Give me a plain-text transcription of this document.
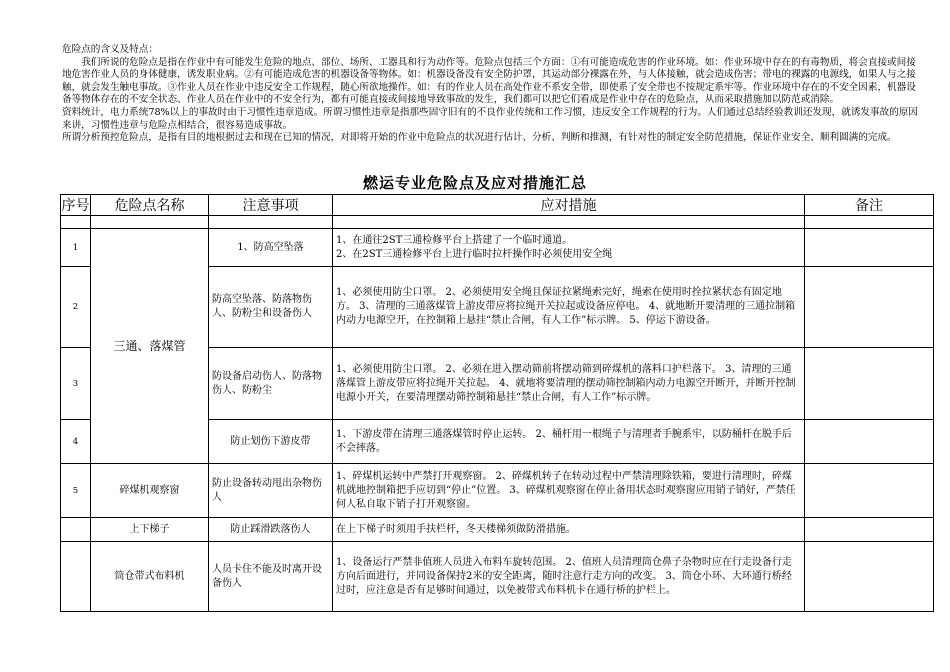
危险点的含义及特点：

我们所说的危险点是指在作业中有可能发生危险的地点、部位、场所、工器具和行为动作等。危险点包括三个方面：①有可能造成危害的作业环境。如：作业环境中存在的有毒物质，将会直接或间接地危害作业人员的身体健康，诱发职业病。②有可能造成危害的机器设备等物体。如：机器设备没有安全防护罩，其运动部分裸露在外，与人体接触，就会造成伤害；带电的裸露的电源线，如果人与之接触，就会发生触电事故。③作业人员在作业中违反安全工作规程，随心所欲地操作。如：有的作业人员在高处作业不系安全带，即使系了安全带也不按规定系牢等。作业环境中存在的不安全因素，机器设备等物体存在的不安全状态、作业人员在作业中的不安全行为，都有可能直接或间接地导致事故的发生，我们都可以把它们看成是作业中存在的危险点，从而采取措施加以防范或消除。

资料统计，电力系统78%以上的事故时由于习惯性违章造成。所谓习惯性违章是指那些固守旧有的不良作业传统和工作习惯，违反安全工作规程的行为。人们通过总结经验教训还发现，就诱发事故的原因来讲，习惯性违章与危险点相结合，很容易造成事故。

所谓分析预控危险点，是指有目的地根据过去和现在已知的情况，对即将开始的作业中危险点的状况进行估计、分析、判断和推测，有针对性的制定安全防范措施，保证作业安全、顺利圆满的完成。

燃运专业危险点及应对措施汇总
序号	危险点名称	注意事项	应对措施	备注

1	三通、落煤管	1、防高空坠落	1、在通往2ST三通检修平台上搭建了一个临时通道。
2、在2ST三通检修平台上进行临时拉杆操作时必须使用安全绳	
2		防高空坠落、防落物伤人、防粉尘和设备伤人	1、必须使用防尘口罩。 2、必须使用安全绳且保证拉紧绳索完好，绳索在使用时拴拉紧状态有固定地方。 3、清理的三通落煤管上游皮带应将拉绳开关拉起或设备应停电。 4、就地断开要清理的三通拉制箱内动力电源空开，在控制箱上悬挂“禁止合闸，有人工作”标示牌。 5、停运下游设备。	
3		防设备启动伤人、防落物伤人、防粉尘	1、必须使用防尘口罩。 2、必须在进入摆动筛前将摆动筛到碎煤机的落料口护栏落下。 3、清理的三通落煤管上游皮带应将拉绳开关拉起。 4、就地将要清理的摆动筛控制箱内动力电源空开断开，并断开控制电源小开关，在要清理摆动筛控制箱悬挂“禁止合闸，有人工作”标示牌。	
4		防止划伤下游皮带	1、下游皮带在清理三通落煤管时停止运转。 2、桶杆用一根绳子与清理者手腕系牢，以防桶杆在脱手后不会摔落。	
5	碎煤机观察窗	防止设备转动甩出杂物伤人	1、碎煤机运转中严禁打开观察窗。 2、碎煤机转子在转动过程中严禁清理除铁箱，要进行清理时，碎煤机就地控制箱把手应切到“停止”位置。 3、碎煤机观察窗在停止备用状态时观察窗应用销子销好，严禁任何人私自取下销子打开观察窗。	
	上下梯子	防止踩滑跌落伤人	在上下梯子时须用手扶栏杆，冬天楼梯须做防滑措施。	
	筒仓带式布料机	人员卡住不能及时离开设备伤人	1、设备运行严禁非值班人员进入布料车旋转范围。 2、值班人员清理筒仓鼻子杂物时应在行走设备行走方向后面进行，并同设备保持2米的安全距离，随时注意行走方向的改变。 3、筒仓小环、大环通行桥经过时，应注意是否有足够时间通过，以免被带式布料机卡在通行桥的护栏上。	
